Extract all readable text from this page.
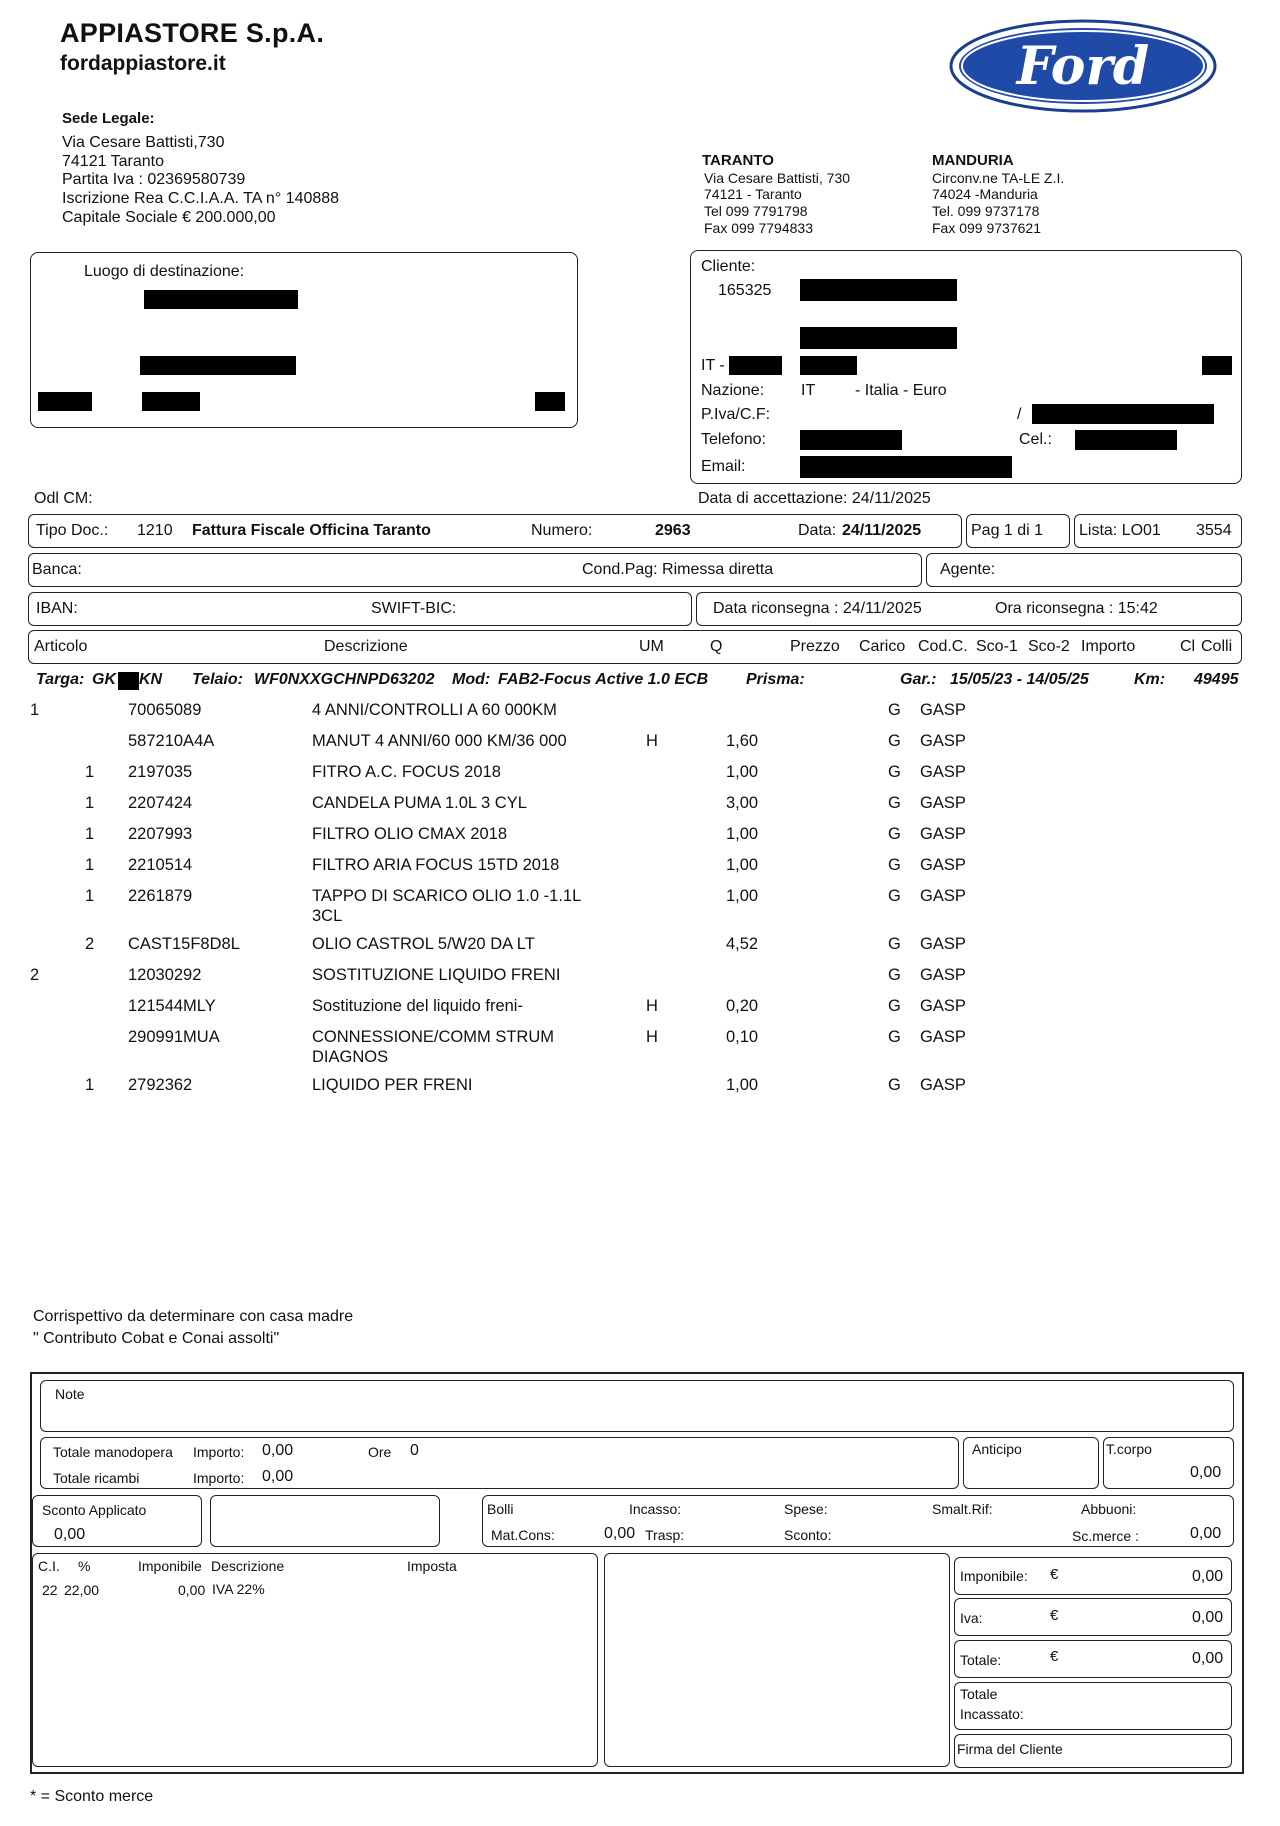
APPIASTORE S.p.A.
fordappiastore.it	Ford
Sede Legale:
Via Cesare Battisti,730
74121 Taranto
Partita Iva : 02369580739
Iscrizione Rea C.C.I.A.A. TA n° 140888
Capitale Sociale € 200.000,00
TARANTO
Via Cesare Battisti, 730
74121 - Taranto
Tel 099 7791798
Fax 099 7794833
MANDURIA
Circonv.ne TA-LE Z.I.
74024 -Manduria
Tel. 099 9737178
Fax 099 9737621
Luogo di destinazione:	Cliente:
165325
IT -
Nazione: IT - Italia - Euro
P.Iva/C.F:	/
Telefono:	Cel.:
Email:
Odl CM:	Data di accettazione: 24/11/2025
Tipo Doc.: 1210 Fattura Fiscale Officina Taranto	Numero:	2963	Data: 24/11/2025	Pag 1 di 1 Lista: LO01 3554
Banca:	Cond.Pag: Rimessa diretta	Agente:
IBAN:	SWIFT-BIC:	Data riconsegna : 24/11/2025	Ora riconsegna : 15:42
Articolo	Descrizione	UM	Q	Prezzo Carico Cod.C. Sco-1 Sco-2 Importo	Cl Colli
Targa: GK KN Telaio: WF0NXXGCHNPD63202 Mod: FAB2-Focus Active 1.0 ECB Prisma:	Gar.: 15/05/23 - 14/05/25	Km: 49495
1	70065089	4 ANNI/CONTROLLI A 60 000KM	G GASP
587210A4A	MANUT 4 ANNI/60 000 KM/36 000	H	1,60	G GASP
1 2197035	FITRO A.C. FOCUS 2018	1,00	G GASP
1 2207424	CANDELA PUMA 1.0L 3 CYL	3,00	G GASP
1 2207993	FILTRO OLIO CMAX 2018	1,00	G GASP
1 2210514	FILTRO ARIA FOCUS 15TD 2018	1,00	G GASP
1 2261879	TAPPO DI SCARICO OLIO 1.0 -1.1L	1,00	G GASP
3CL
2 CAST15F8D8L	OLIO CASTROL 5/W20 DA LT	4,52	G GASP
2	12030292	SOSTITUZIONE LIQUIDO FRENI	G GASP
121544MLY	Sostituzione del liquido freni-	H	0,20	G GASP
290991MUA	CONNESSIONE/COMM STRUM	H	0,10	G GASP
DIAGNOS
1 2792362	LIQUIDO PER FRENI	1,00	G GASP
Corrispettivo da determinare con casa madre
" Contributo Cobat e Conai assolti"
Note
Totale manodopera Importo: 0,00	Ore 0
Totale ricambi	Importo: 0,00
Anticipo	T.corpo
0,00
Sconto Applicato
0,00
Bolli
Mat.Cons:	0,00
Incasso:
Trasp:
Spese:
Sconto:
Smalt.Rif:	Abbuoni:
Sc.merce :	0,00
C.I. %	Imponibile Descrizione	Imposta
22 22,00	0,00 IVA 22%
Imponibile: €	0,00
Iva:	€	0,00
Totale:	€	0,00
Totale
Incassato:
Firma del Cliente
* = Sconto merce
